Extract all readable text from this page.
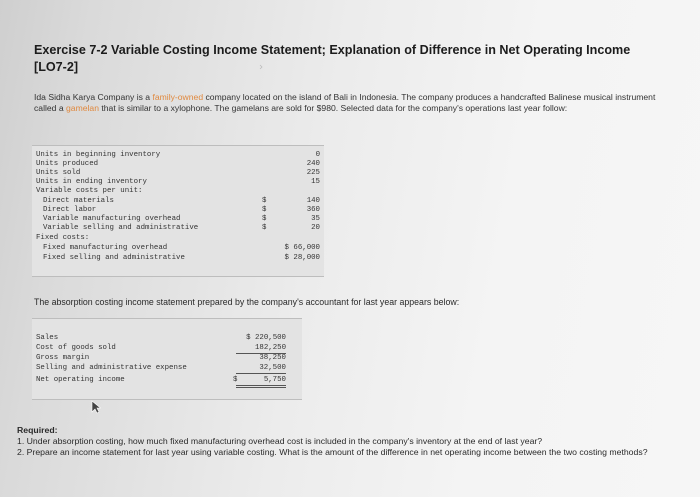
Exercise 7-2 Variable Costing Income Statement; Explanation of Difference in Net Operating Income
[LO7-2]
Ida Sidha Karya Company is a family-owned company located on the island of Bali in Indonesia. The company produces a handcrafted Balinese musical instrument called a gamelan that is similar to a xylophone. The gamelans are sold for $980. Selected data for the company's operations last year follow:
Units in beginning inventory	0
Units produced	240
Units sold	225
Units in ending inventory	15
Variable costs per unit:
Direct materials	$	140
Direct labor	$	360
Variable manufacturing overhead	$	35
Variable selling and administrative	$	20
Fixed costs:
Fixed manufacturing overhead	$ 66,000
Fixed selling and administrative	$ 28,000
The absorption costing income statement prepared by the company's accountant for last year appears below:
Sales	$ 220,500
Cost of goods sold	182,250
Gross margin	38,250
Selling and administrative expense	32,500
Net operating income	$	5,750
Required:
1. Under absorption costing, how much fixed manufacturing overhead cost is included in the company's inventory at the end of last year?
2. Prepare an income statement for last year using variable costing. What is the amount of the difference in net operating income between the two costing methods?
